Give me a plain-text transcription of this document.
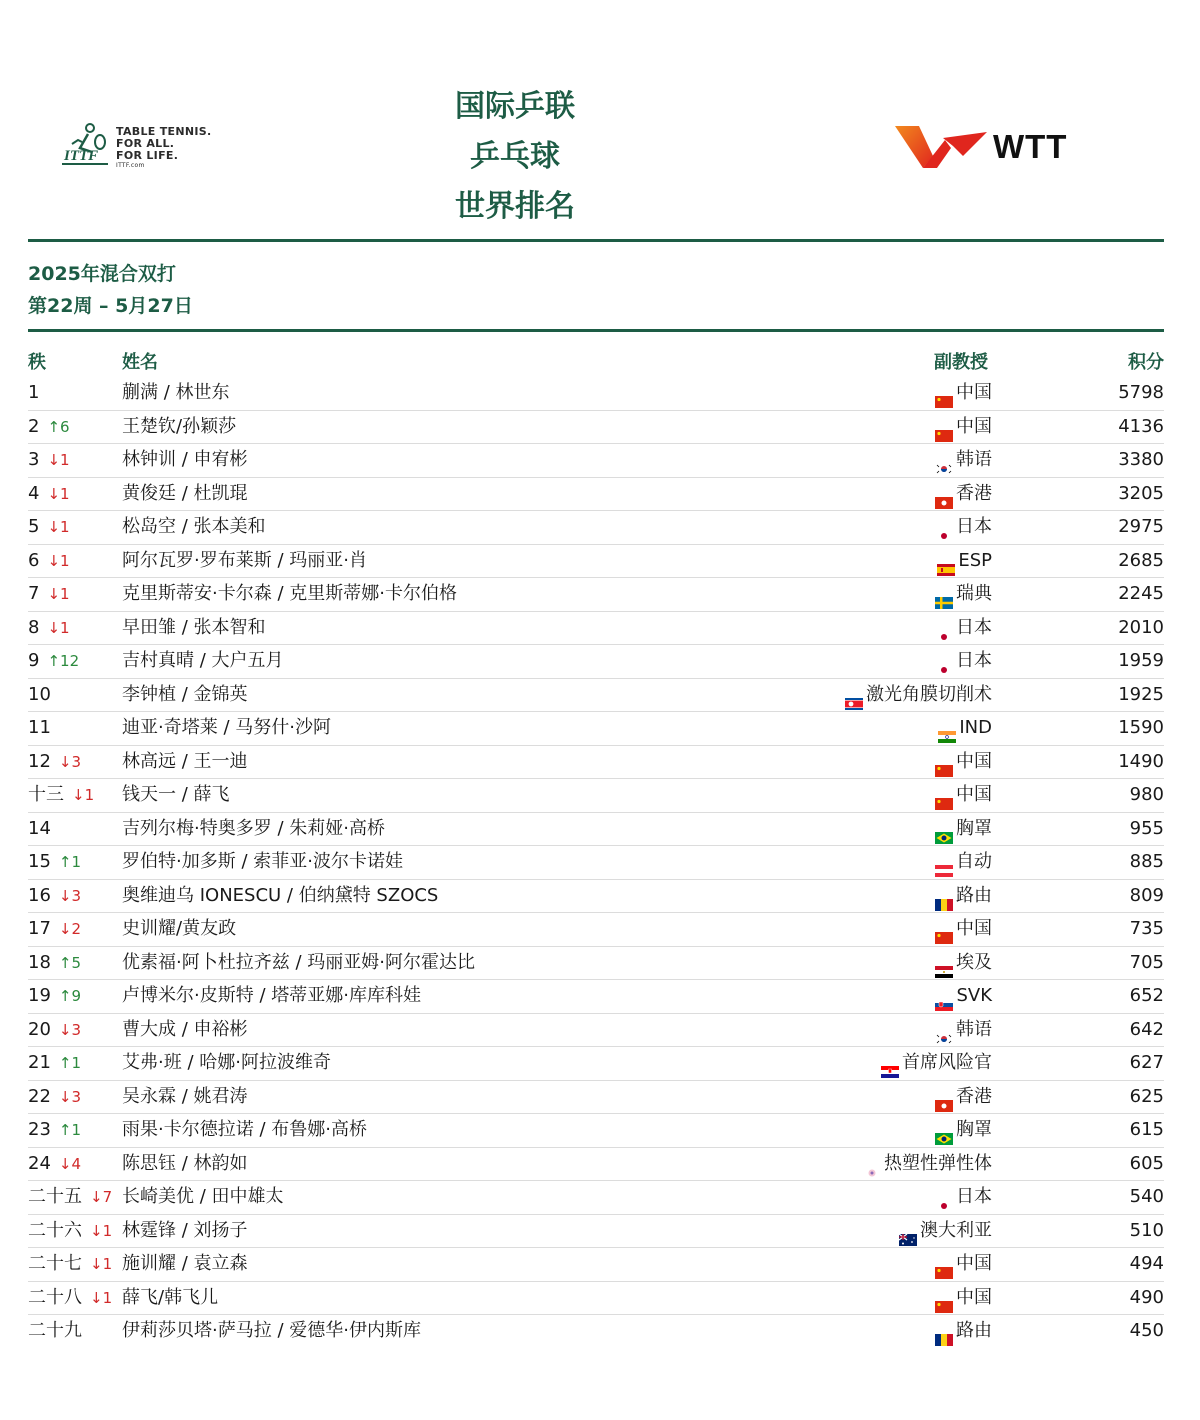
ITTF
TABLE TENNIS.
FOR ALL.
FOR LIFE.
ITTF.com
国际乒联
乒乓球
世界排名
WTT
2025年混合双打
第22周 – 5月27日
秩	姓名	副教授	积分
1	蒯满 / 林世东	中国	5798
2 ↑6	王楚钦/孙颖莎	中国	4136
3 ↓1	林钟训 / 申宥彬	韩语	3380
4 ↓1	黄俊廷 / 杜凯琨	香港	3205
5 ↓1	松岛空 / 张本美和	日本	2975
6 ↓1	阿尔瓦罗·罗布莱斯 / 玛丽亚·肖	ESP	2685
7 ↓1	克里斯蒂安·卡尔森 / 克里斯蒂娜·卡尔伯格	瑞典	2245
8 ↓1	早田雏 / 张本智和	日本	2010
9 ↑12 吉村真晴 / 大户五月	日本	1959
10	李钟植 / 金锦英	激光角膜切削术	1925
11	迪亚·奇塔莱 / 马努什·沙阿	IND	1590
12 ↓3 林高远 / 王一迪	中国	1490
十三 ↓1 钱天一 / 薛飞	中国	980
14	吉列尔梅·特奥多罗 / 朱莉娅·高桥	胸罩	955
15 ↑1 罗伯特·加多斯 / 索菲亚·波尔卡诺娃	自动	885
16 ↓3 奥维迪乌 IONESCU / 伯纳黛特 SZOCS	路由	809
17 ↓2 史训耀/黄友政	中国	735
18 ↑5 优素福·阿卜杜拉齐兹 / 玛丽亚姆·阿尔霍达比	埃及	705
19 ↑9 卢博米尔·皮斯特 / 塔蒂亚娜·库库科娃	SVK	652
20 ↓3 曹大成 / 申裕彬	韩语	642
21 ↑1 艾弗·班 / 哈娜·阿拉波维奇	首席风险官	627
22 ↓3 吴永霖 / 姚君涛	香港	625
23 ↑1 雨果·卡尔德拉诺 / 布鲁娜·高桥	胸罩	615
24 ↓4 陈思钰 / 林韵如	热塑性弹性体	605
二十五 ↓7 长崎美优 / 田中雄太	日本	540
二十六 ↓1 林霆锋 / 刘扬子	澳大利亚	510
二十七 ↓1 施训耀 / 袁立森	中国	494
二十八 ↓1 薛飞/韩飞儿	中国	490
二十九 伊莉莎贝塔·萨马拉 / 爱德华·伊内斯库	路由	450
